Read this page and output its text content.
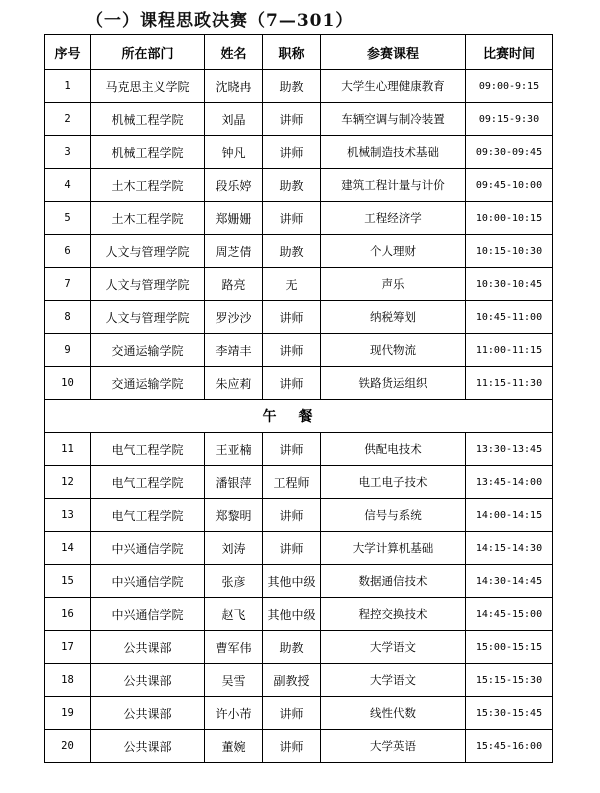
（一）课程思政决赛（7—301）
序号	所在部门	姓名	职称	参赛课程	比赛时间
1	马克思主义学院	沈晓冉	助教	大学生心理健康教育	09:00-9:15
2	机械工程学院	刘晶	讲师	车辆空调与制冷装置	09:15-9:30
3	机械工程学院	钟凡	讲师	机械制造技术基础	09:30-09:45
4	土木工程学院	段乐婷	助教	建筑工程计量与计价	09:45-10:00
5	土木工程学院	郑姗姗	讲师	工程经济学	10:00-10:15
6	人文与管理学院	周芝倩	助教	个人理财	10:15-10:30
7	人文与管理学院	路亮	无	声乐	10:30-10:45
8	人文与管理学院	罗沙沙	讲师	纳税筹划	10:45-11:00
9	交通运输学院	李靖丰	讲师	现代物流	11:00-11:15
10	交通运输学院	朱应莉	讲师	铁路货运组织	11:15-11:30
午餐					
11	电气工程学院	王亚楠	讲师	供配电技术	13:30-13:45
12	电气工程学院	潘银萍	工程师	电工电子技术	13:45-14:00
13	电气工程学院	郑黎明	讲师	信号与系统	14:00-14:15
14	中兴通信学院	刘涛	讲师	大学计算机基础	14:15-14:30
15	中兴通信学院	张彦	其他中级	数据通信技术	14:30-14:45
16	中兴通信学院	赵飞	其他中级	程控交换技术	14:45-15:00
17	公共课部	曹军伟	助教	大学语文	15:00-15:15
18	公共课部	吴雪	副教授	大学语文	15:15-15:30
19	公共课部	许小芾	讲师	线性代数	15:30-15:45
20	公共课部	董婉	讲师	大学英语	15:45-16:00
